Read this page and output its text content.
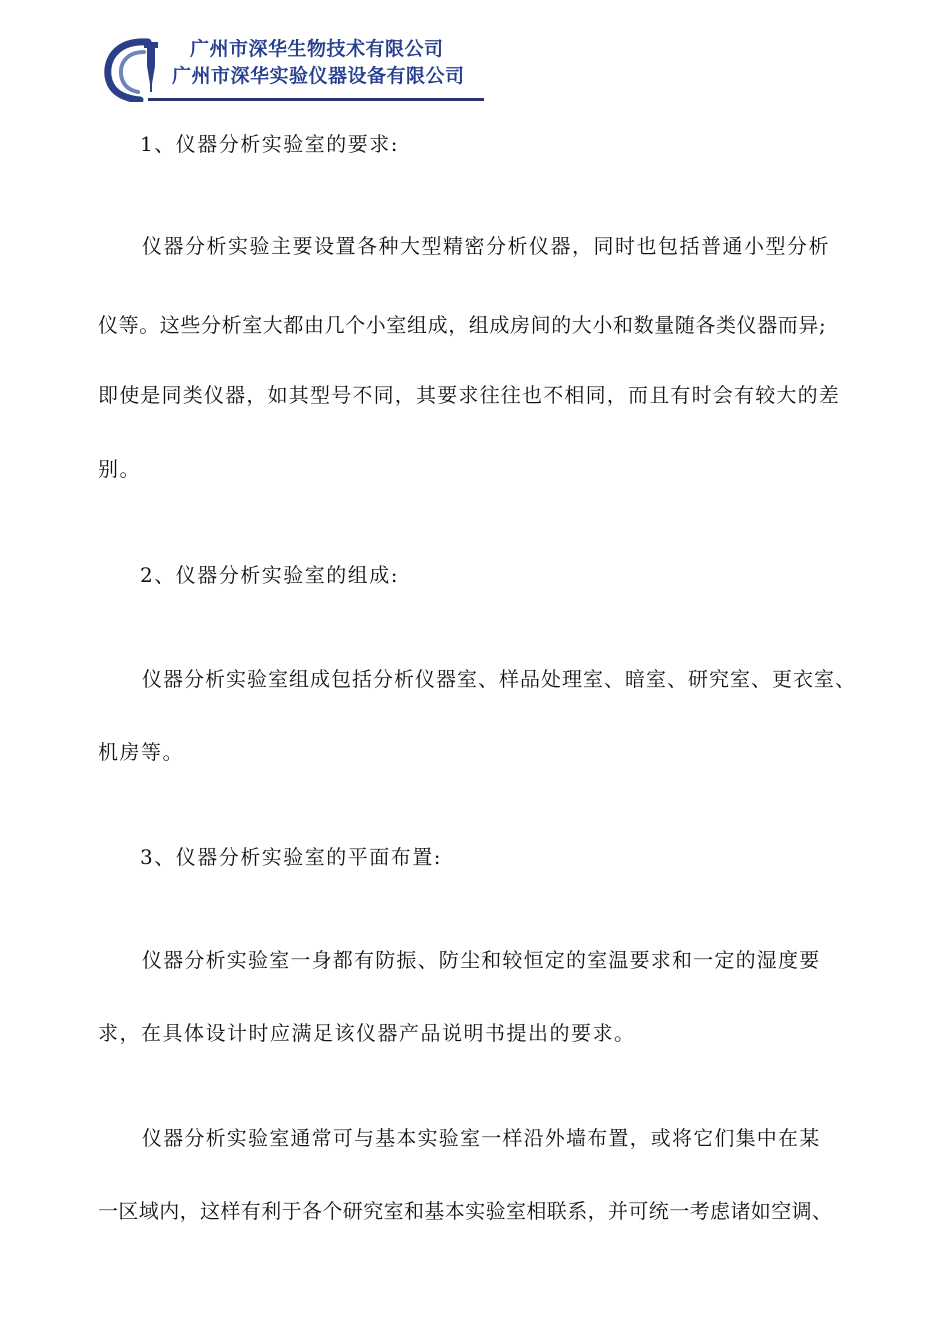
广州市深华生物技术有限公司
广州市深华实验仪器设备有限公司
1、仪器分析实验室的要求:
仪器分析实验主要设置各种大型精密分析仪器，同时也包括普通小型分析
仪等。这些分析室大都由几个小室组成，组成房间的大小和数量随各类仪器而异;
即使是同类仪器，如其型号不同，其要求往往也不相同，而且有时会有较大的差
别。
2、仪器分析实验室的组成:
仪器分析实验室组成包括分析仪器室、样品处理室、暗室、研究室、更衣室、
机房等。
3、仪器分析实验室的平面布置:
仪器分析实验室一身都有防振、防尘和较恒定的室温要求和一定的湿度要
求，在具体设计时应满足该仪器产品说明书提出的要求。
仪器分析实验室通常可与基本实验室一样沿外墙布置，或将它们集中在某
一区域内，这样有利于各个研究室和基本实验室相联系，并可统一考虑诸如空调、
